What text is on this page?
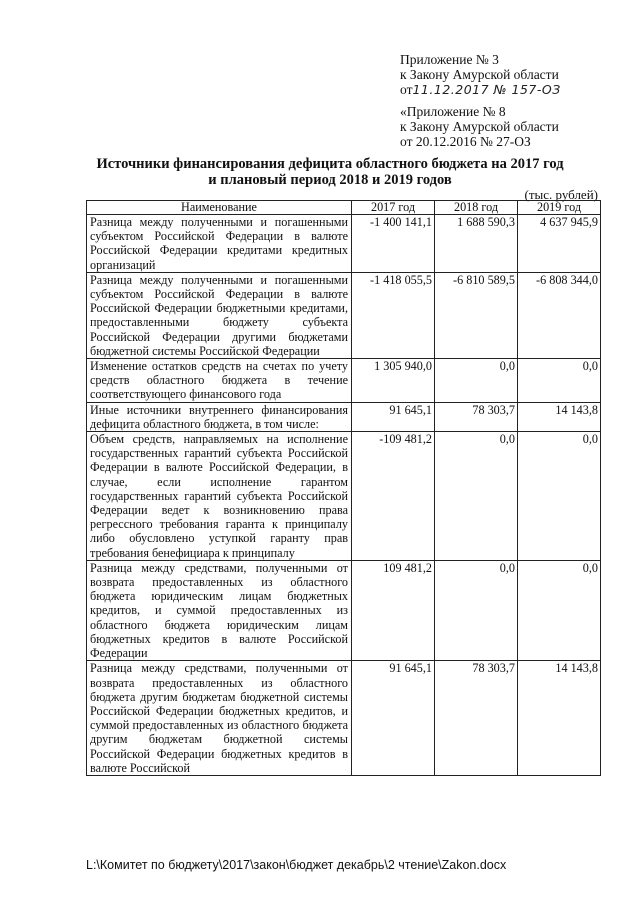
Приложение № 3
к Закону Амурской области
от11.12.2017 № 157-ОЗ
«Приложение № 8
к Закону Амурской области
от 20.12.2016 № 27-ОЗ
Источники финансирования дефицита областного бюджета на 2017 год
и плановый период 2018 и 2019 годов
(тыс. рублей)
Наименование	2017 год	2018 год	2019 год
Разница между полученными и погашенными субъектом Российской Федерации в валюте Российской Федерации кредитами кредитных организаций	-1 400 141,1	1 688 590,3	4 637 945,9
Разница между полученными и погашенными субъектом Российской Федерации в валюте Российской Федерации бюджетными кредитами, предоставленными бюджету субъекта Российской Федерации другими бюджетами бюджетной системы Российской Федерации	-1 418 055,5	-6 810 589,5	-6 808 344,0
Изменение остатков средств на счетах по учету средств областного бюджета в течение соответствующего финансового года	1 305 940,0	0,0	0,0
Иные источники внутреннего финансирования дефицита областного бюджета, в том числе:	91 645,1	78 303,7	14 143,8
Объем средств, направляемых на исполнение государственных гарантий субъекта Российской Федерации в валюте Российской Федерации, в случае, если исполнение гарантом государственных гарантий субъекта Российской Федерации ведет к возникновению права регрессного требования гаранта к принципалу либо обусловлено уступкой гаранту прав требования бенефициара к принципалу	-109 481,2	0,0	0,0
Разница между средствами, полученными от возврата предоставленных из областного бюджета юридическим лицам бюджетных кредитов, и суммой предоставленных из областного бюджета юридическим лицам бюджетных кредитов в валюте Российской Федерации	109 481,2	0,0	0,0
Разница между средствами, полученными от возврата предоставленных из областного бюджета другим бюджетам бюджетной системы Российской Федерации бюджетных кредитов, и суммой предоставленных из областного бюджета другим бюджетам бюджетной системы Российской Федерации бюджетных кредитов в валюте Российской	91 645,1	78 303,7	14 143,8
L:\Комитет по бюджету\2017\закон\бюджет декабрь\2 чтение\Zakon.docx
